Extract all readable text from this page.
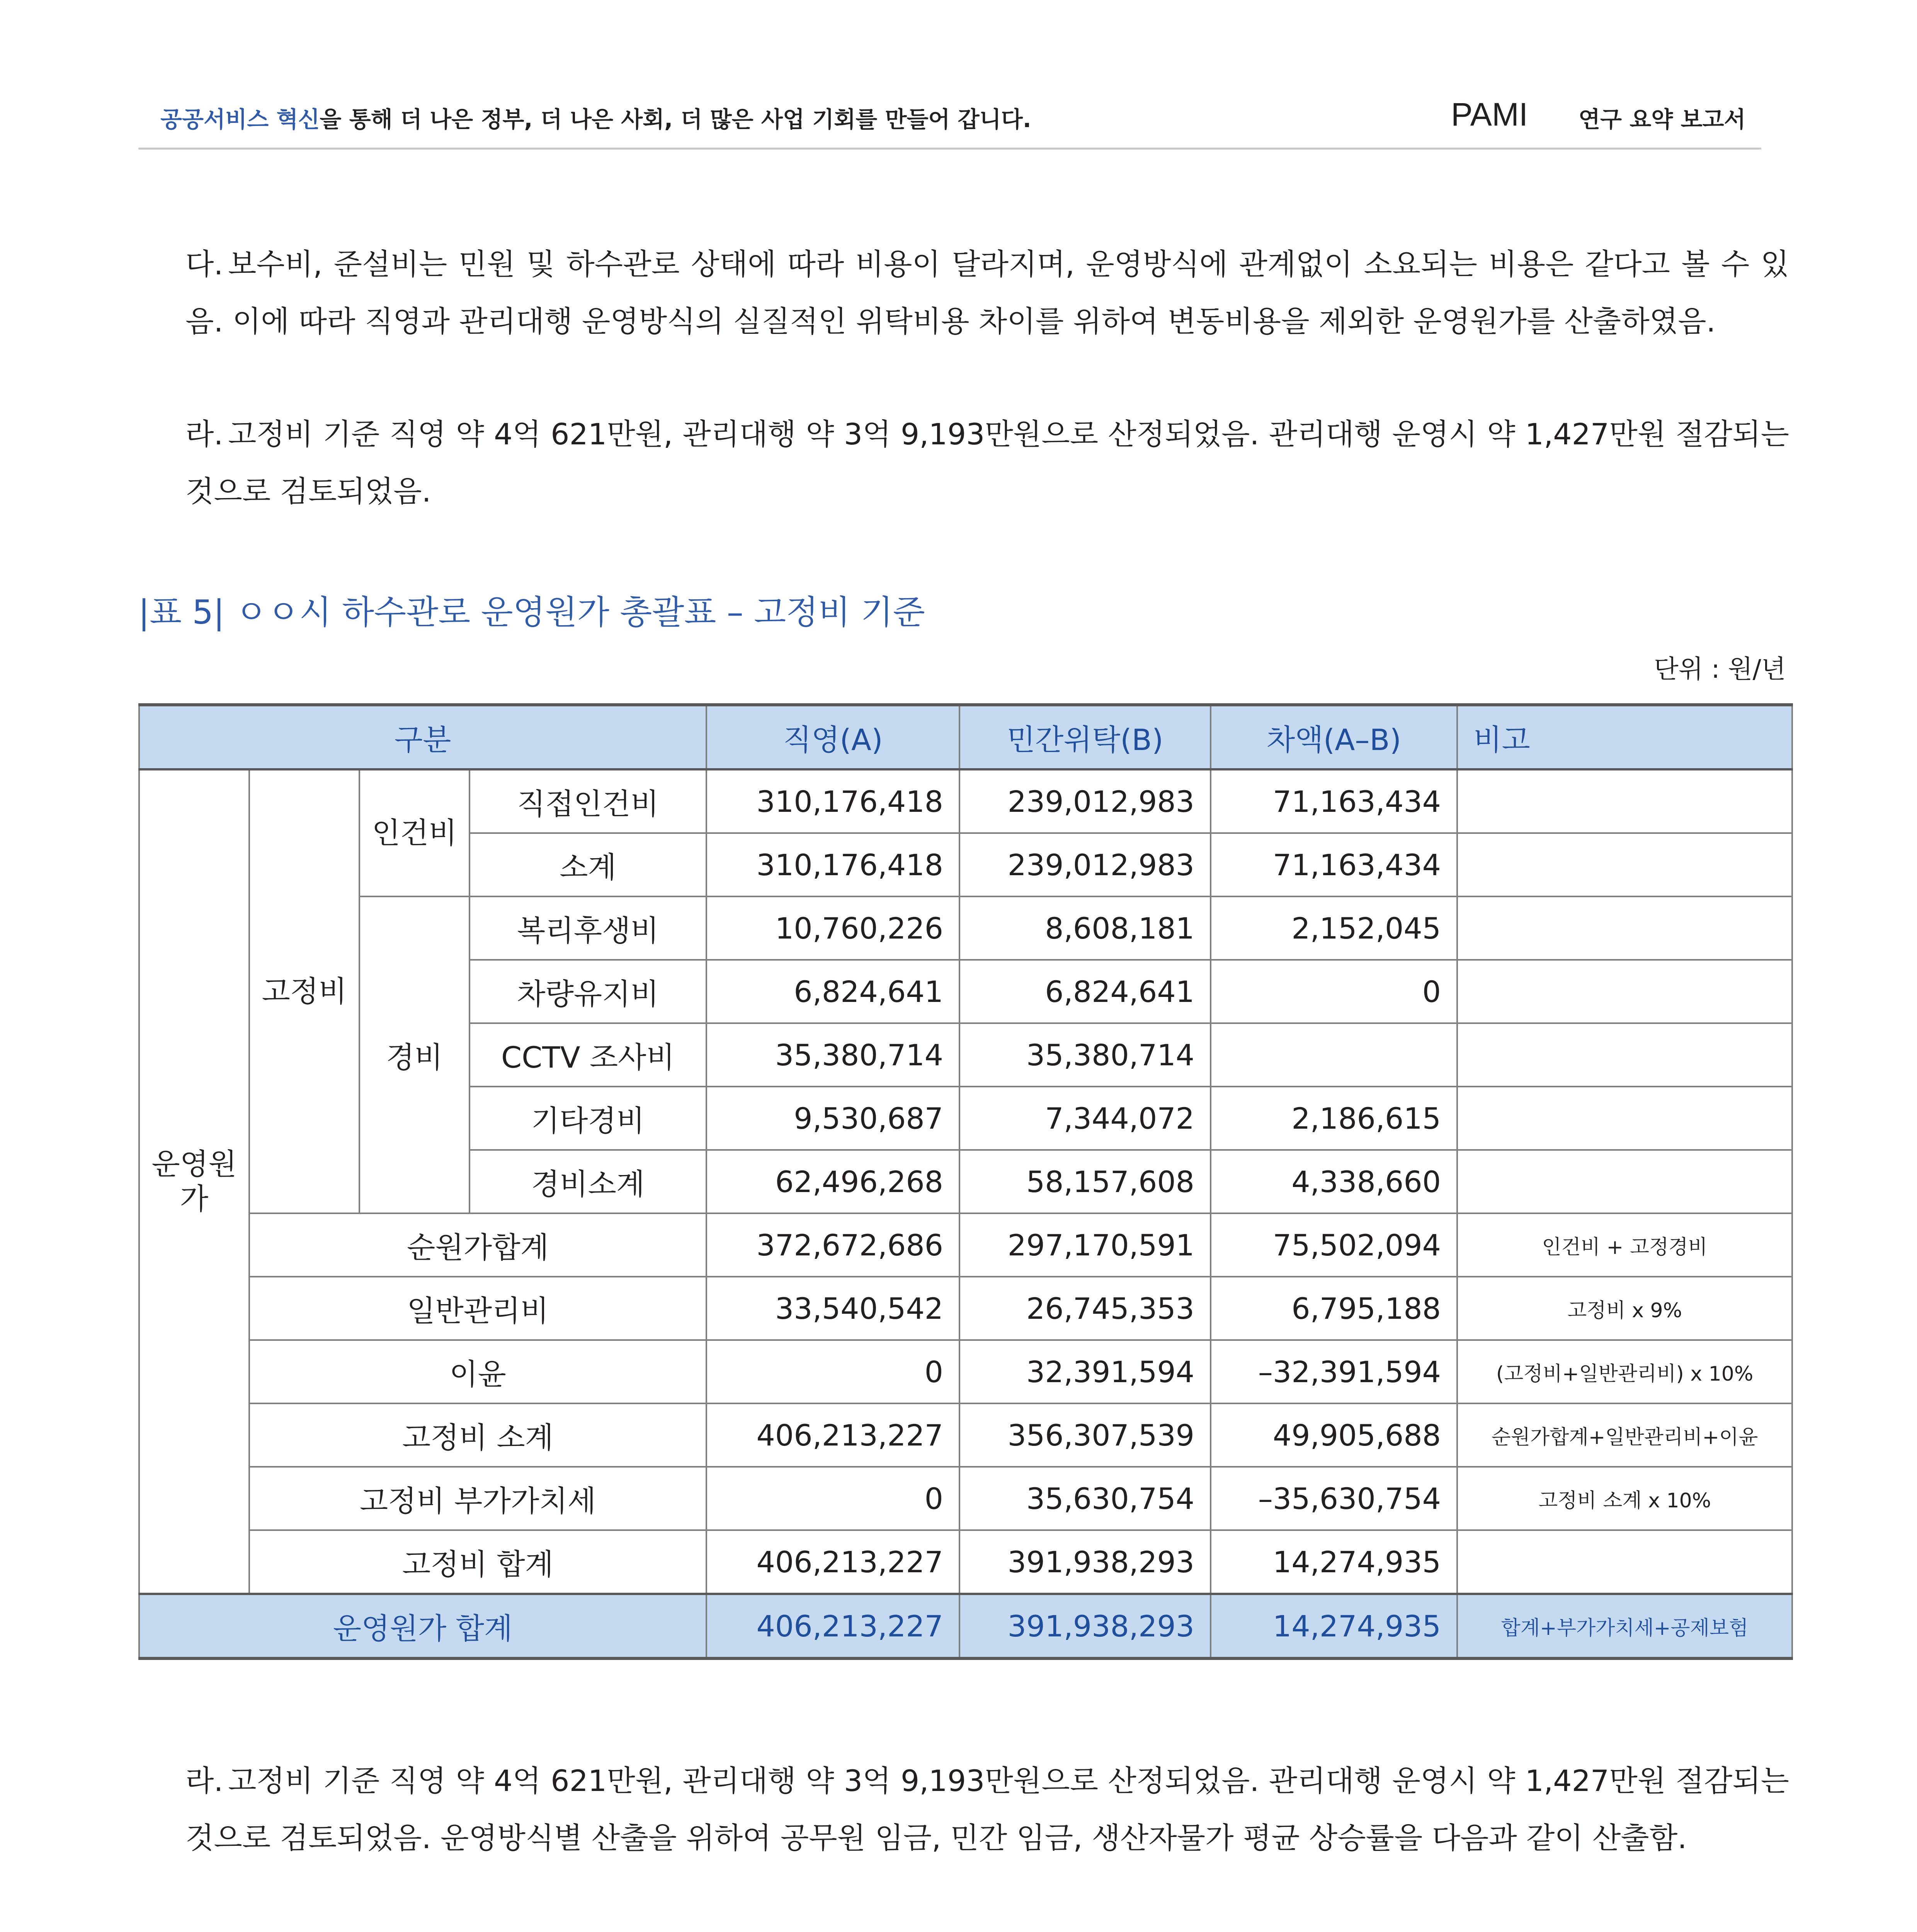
공공서비스 혁신을 통해 더 나은 정부, 더 나은 사회, 더 많은 사업 기회를 만들어 갑니다.	PAMI 연구 요약 보고서
다. 보수비, 준설비는 민원 및 하수관로 상태에 따라 비용이 달라지며, 운영방식에 관계없이 소요되는 비용은 같다고 볼 수 있음. 이에 따라 직영과 관리대행 운영방식의 실질적인 위탁비용 차이를 위하여 변동비용을 제외한 운영원가를 산출하였음.
라. 고정비 기준 직영 약 4억 621만원, 관리대행 약 3억 9,193만원으로 산정되었음. 관리대행 운영시 약 1,427만원 절감되는 것으로 검토되었음.
|표 5| ㅇㅇ시 하수관로 운영원가 총괄표 – 고정비 기준
단위 : 원/년
구분				직영(A)	민간위탁(B)	차액(A–B)	비고
운영원가	고정비	인건비	직접인건비	310,176,418	239,012,983	71,163,434	
			소계	310,176,418	239,012,983	71,163,434	
		경비	복리후생비	10,760,226	8,608,181	2,152,045	
			차량유지비	6,824,641	6,824,641	0	
			CCTV 조사비	35,380,714	35,380,714		
			기타경비	9,530,687	7,344,072	2,186,615	
			경비소계	62,496,268	58,157,608	4,338,660	
	순원가합계			372,672,686	297,170,591	75,502,094	인건비 + 고정경비
	일반관리비			33,540,542	26,745,353	6,795,188	고정비 x 9%
	이윤			0	32,391,594	–32,391,594	(고정비+일반관리비) x 10%
	고정비 소계			406,213,227	356,307,539	49,905,688	순원가합계+일반관리비+이윤
	고정비 부가가치세			0	35,630,754	–35,630,754	고정비 소계 x 10%
	고정비 합계			406,213,227	391,938,293	14,274,935	
운영원가 합계				406,213,227	391,938,293	14,274,935	합계+부가가치세+공제보험
라. 고정비 기준 직영 약 4억 621만원, 관리대행 약 3억 9,193만원으로 산정되었음. 관리대행 운영시 약 1,427만원 절감되는 것으로 검토되었음. 운영방식별 산출을 위하여 공무원 임금, 민간 임금, 생산자물가 평균 상승률을 다음과 같이 산출함.
